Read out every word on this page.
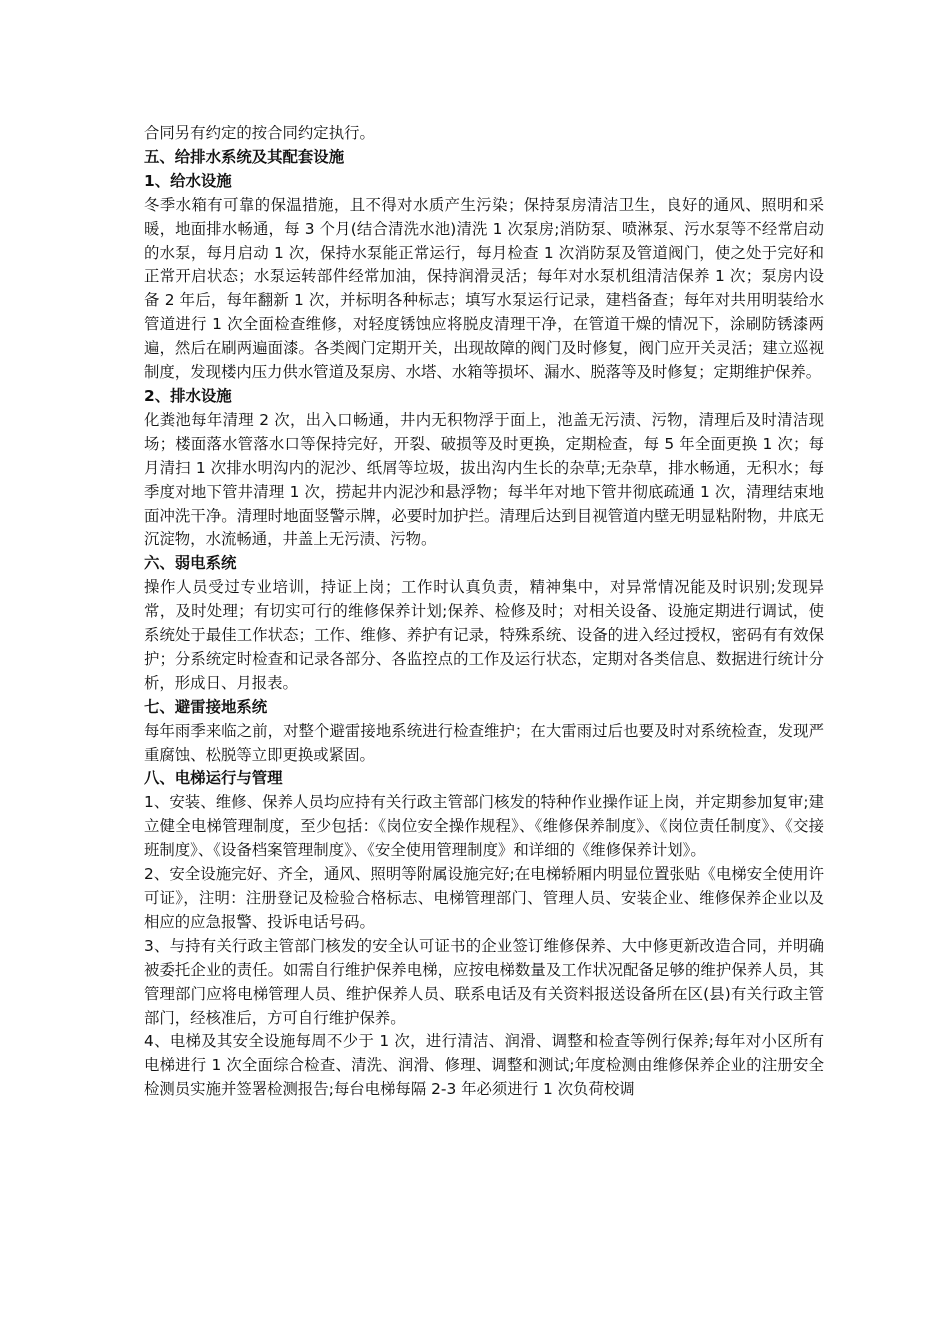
合同另有约定的按合同约定执行。

五、给排水系统及其配套设施

1、给水设施

冬季水箱有可靠的保温措施，且不得对水质产生污染；保持泵房清洁卫生，良好的通风、照明和采暖，地面排水畅通，每 3 个月(结合清洗水池)清洗 1 次泵房;消防泵、喷淋泵、污水泵等不经常启动的水泵，每月启动 1 次，保持水泵能正常运行，每月检查 1 次消防泵及管道阀门，使之处于完好和正常开启状态；水泵运转部件经常加油，保持润滑灵活；每年对水泵机组清洁保养 1 次；泵房内设备 2 年后，每年翻新 1 次，并标明各种标志；填写水泵运行记录，建档备查；每年对共用明装给水管道进行 1 次全面检查维修，对轻度锈蚀应将脱皮清理干净，在管道干燥的情况下，涂刷防锈漆两遍，然后在刷两遍面漆。各类阀门定期开关，出现故障的阀门及时修复，阀门应开关灵活；建立巡视制度，发现楼内压力供水管道及泵房、水塔、水箱等损坏、漏水、脱落等及时修复；定期维护保养。

2、排水设施

化粪池每年清理 2 次，出入口畅通，井内无积物浮于面上，池盖无污渍、污物，清理后及时清洁现场；楼面落水管落水口等保持完好，开裂、破损等及时更换，定期检查，每 5 年全面更换 1 次；每月清扫 1 次排水明沟内的泥沙、纸屑等垃圾，拔出沟内生长的杂草;无杂草，排水畅通，无积水；每季度对地下管井清理 1 次，捞起井内泥沙和悬浮物；每半年对地下管井彻底疏通 1 次，清理结束地面冲洗干净。清理时地面竖警示牌，必要时加护拦。清理后达到目视管道内壁无明显粘附物，井底无沉淀物，水流畅通，井盖上无污渍、污物。

六、弱电系统

操作人员受过专业培训，持证上岗；工作时认真负责，精神集中，对异常情况能及时识别;发现异常，及时处理；有切实可行的维修保养计划;保养、检修及时；对相关设备、设施定期进行调试，使系统处于最佳工作状态；工作、维修、养护有记录，特殊系统、设备的进入经过授权，密码有有效保护；分系统定时检查和记录各部分、各监控点的工作及运行状态，定期对各类信息、数据进行统计分析，形成日、月报表。

七、避雷接地系统

每年雨季来临之前，对整个避雷接地系统进行检查维护；在大雷雨过后也要及时对系统检查，发现严重腐蚀、松脱等立即更换或紧固。

八、电梯运行与管理

1、安装、维修、保养人员均应持有关行政主管部门核发的特种作业操作证上岗，并定期参加复审;建立健全电梯管理制度，至少包括：《岗位安全操作规程》、《维修保养制度》、《岗位责任制度》、《交接班制度》、《设备档案管理制度》、《安全使用管理制度》和详细的《维修保养计划》。

2、安全设施完好、齐全，通风、照明等附属设施完好;在电梯轿厢内明显位置张贴《电梯安全使用许可证》，注明：注册登记及检验合格标志、电梯管理部门、管理人员、安装企业、维修保养企业以及相应的应急报警、投诉电话号码。

3、与持有关行政主管部门核发的安全认可证书的企业签订维修保养、大中修更新改造合同，并明确被委托企业的责任。如需自行维护保养电梯，应按电梯数量及工作状况配备足够的维护保养人员，其管理部门应将电梯管理人员、维护保养人员、联系电话及有关资料报送设备所在区(县)有关行政主管部门，经核准后，方可自行维护保养。

4、电梯及其安全设施每周不少于 1 次，进行清洁、润滑、调整和检查等例行保养;每年对小区所有电梯进行 1 次全面综合检查、清洗、润滑、修理、调整和测试;年度检测由维修保养企业的注册安全检测员实施并签署检测报告;每台电梯每隔 2-3 年必须进行 1 次负荷校调
